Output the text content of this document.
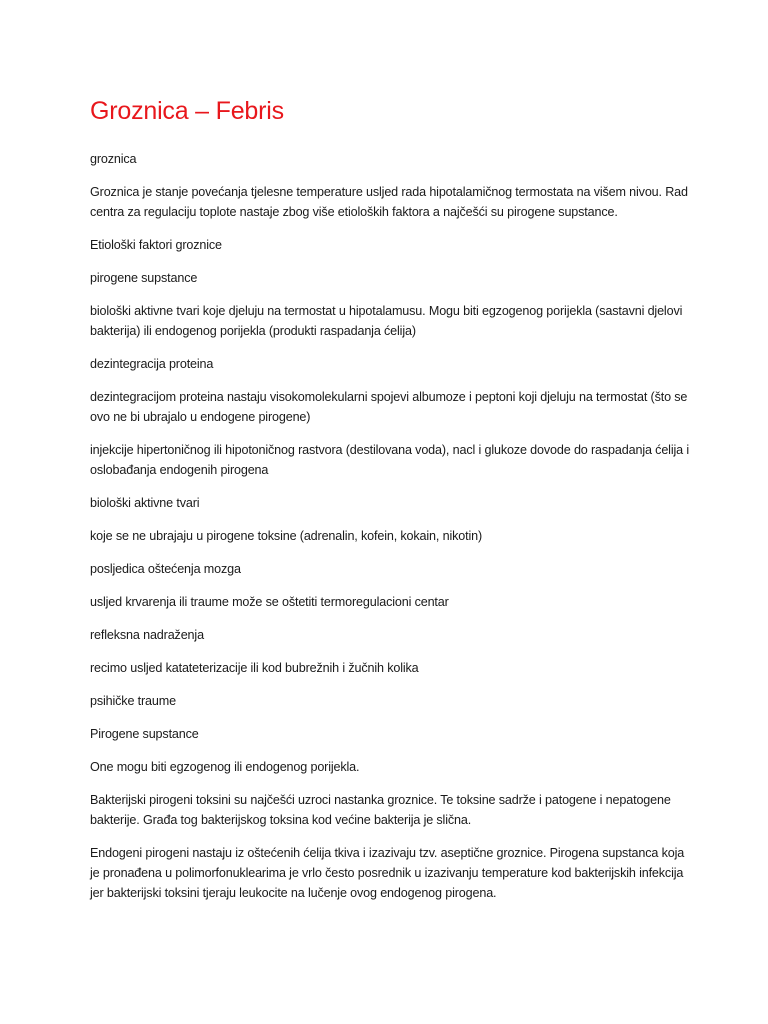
Groznica – Febris

groznica

Groznica je stanje povećanja tjelesne temperature usljed rada hipotalamičnog termostata na višem nivou. Rad centra za regulaciju toplote nastaje zbog više etioloških faktora a najčešći su pirogene supstance.

Etiološki faktori groznice

pirogene supstance

biološki aktivne tvari koje djeluju na termostat u hipotalamusu. Mogu biti egzogenog porijekla (sastavni djelovi bakterija) ili endogenog porijekla (produkti raspadanja ćelija)

dezintegracija proteina

dezintegracijom proteina nastaju visokomolekularni spojevi albumoze i peptoni koji djeluju na termostat (što se ovo ne bi ubrajalo u endogene pirogene)

injekcije hipertoničnog ili hipotoničnog rastvora (destilovana voda), nacl i glukoze dovode do raspadanja ćelija i oslobađanja endogenih pirogena

biološki aktivne tvari

koje se ne ubrajaju u pirogene toksine (adrenalin, kofein, kokain, nikotin)

posljedica oštećenja mozga

usljed krvarenja ili traume može se oštetiti termoregulacioni centar

refleksna nadraženja

recimo usljed katateterizacije ili kod bubrežnih i žučnih kolika

psihičke traume

Pirogene supstance

One mogu biti egzogenog ili endogenog porijekla.

Bakterijski pirogeni toksini su najčešći uzroci nastanka groznice. Te toksine sadrže i patogene i nepatogene bakterije. Građa tog bakterijskog toksina kod većine bakterija je slična.

Endogeni pirogeni nastaju iz oštećenih ćelija tkiva i izazivaju tzv. aseptične groznice. Pirogena supstanca koja je pronađena u polimorfonuklearima je vrlo često posrednik u izazivanju temperature kod bakterijskih infekcija jer bakterijski toksini tjeraju leukocite na lučenje ovog endogenog pirogena.
